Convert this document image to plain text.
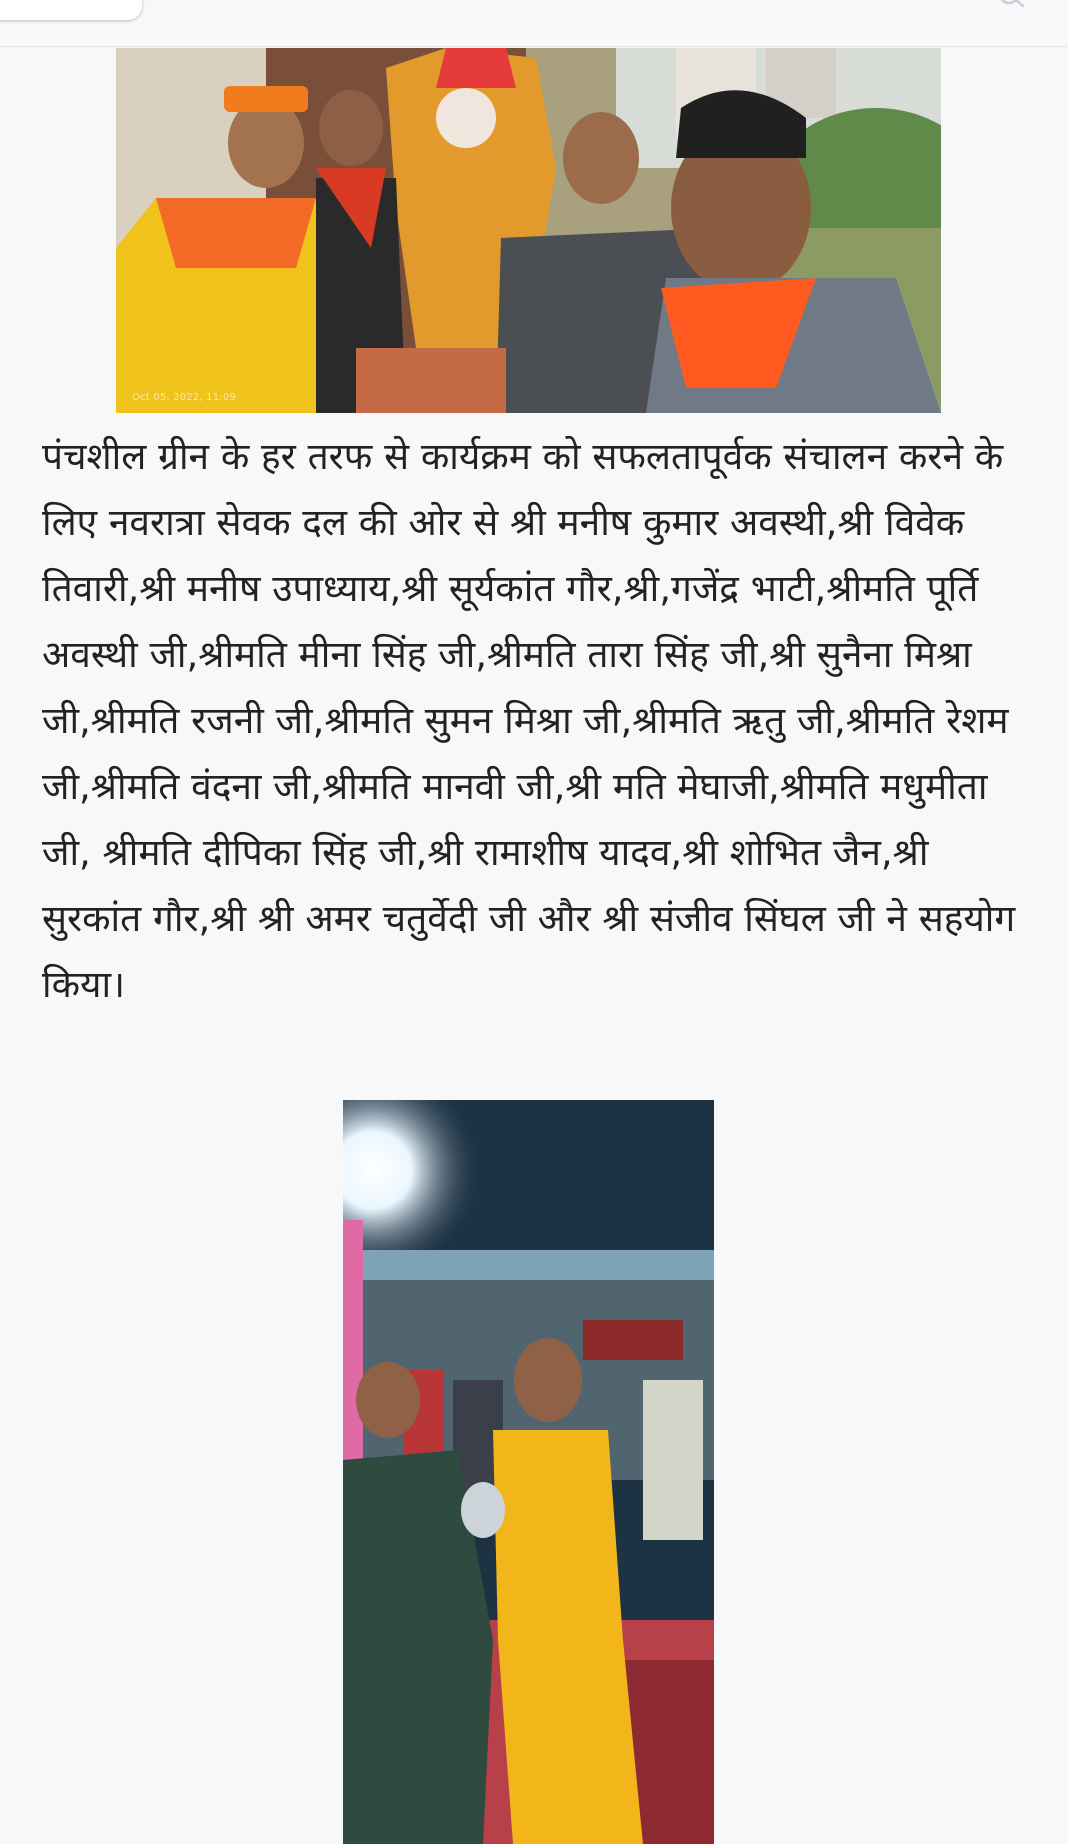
Oct 05, 2022, 11:09

पंचशील ग्रीन के हर तरफ से कार्यक्रम को सफलतापूर्वक संचालन करने के लिए नवरात्रा सेवक दल की ओर से श्री मनीष कुमार अवस्थी,श्री विवेक तिवारी,श्री मनीष उपाध्याय,श्री सूर्यकांत गौर,श्री,गजेंद्र भाटी,श्रीमति पूर्ति अवस्थी जी,श्रीमति मीना सिंह जी,श्रीमति तारा सिंह जी,श्री सुनैना मिश्रा जी,श्रीमति रजनी जी,श्रीमति सुमन मिश्रा जी,श्रीमति ऋतु जी,श्रीमति रेशम जी,श्रीमति वंदना जी,श्रीमति मानवी जी,श्री मति मेघाजी,श्रीमति मधुमीता जी, श्रीमति दीपिका सिंह जी,श्री रामाशीष यादव,श्री शोभित जैन,श्री सुरकांत गौर,श्री श्री अमर चतुर्वेदी जी और श्री संजीव सिंघल जी ने सहयोग किया।
